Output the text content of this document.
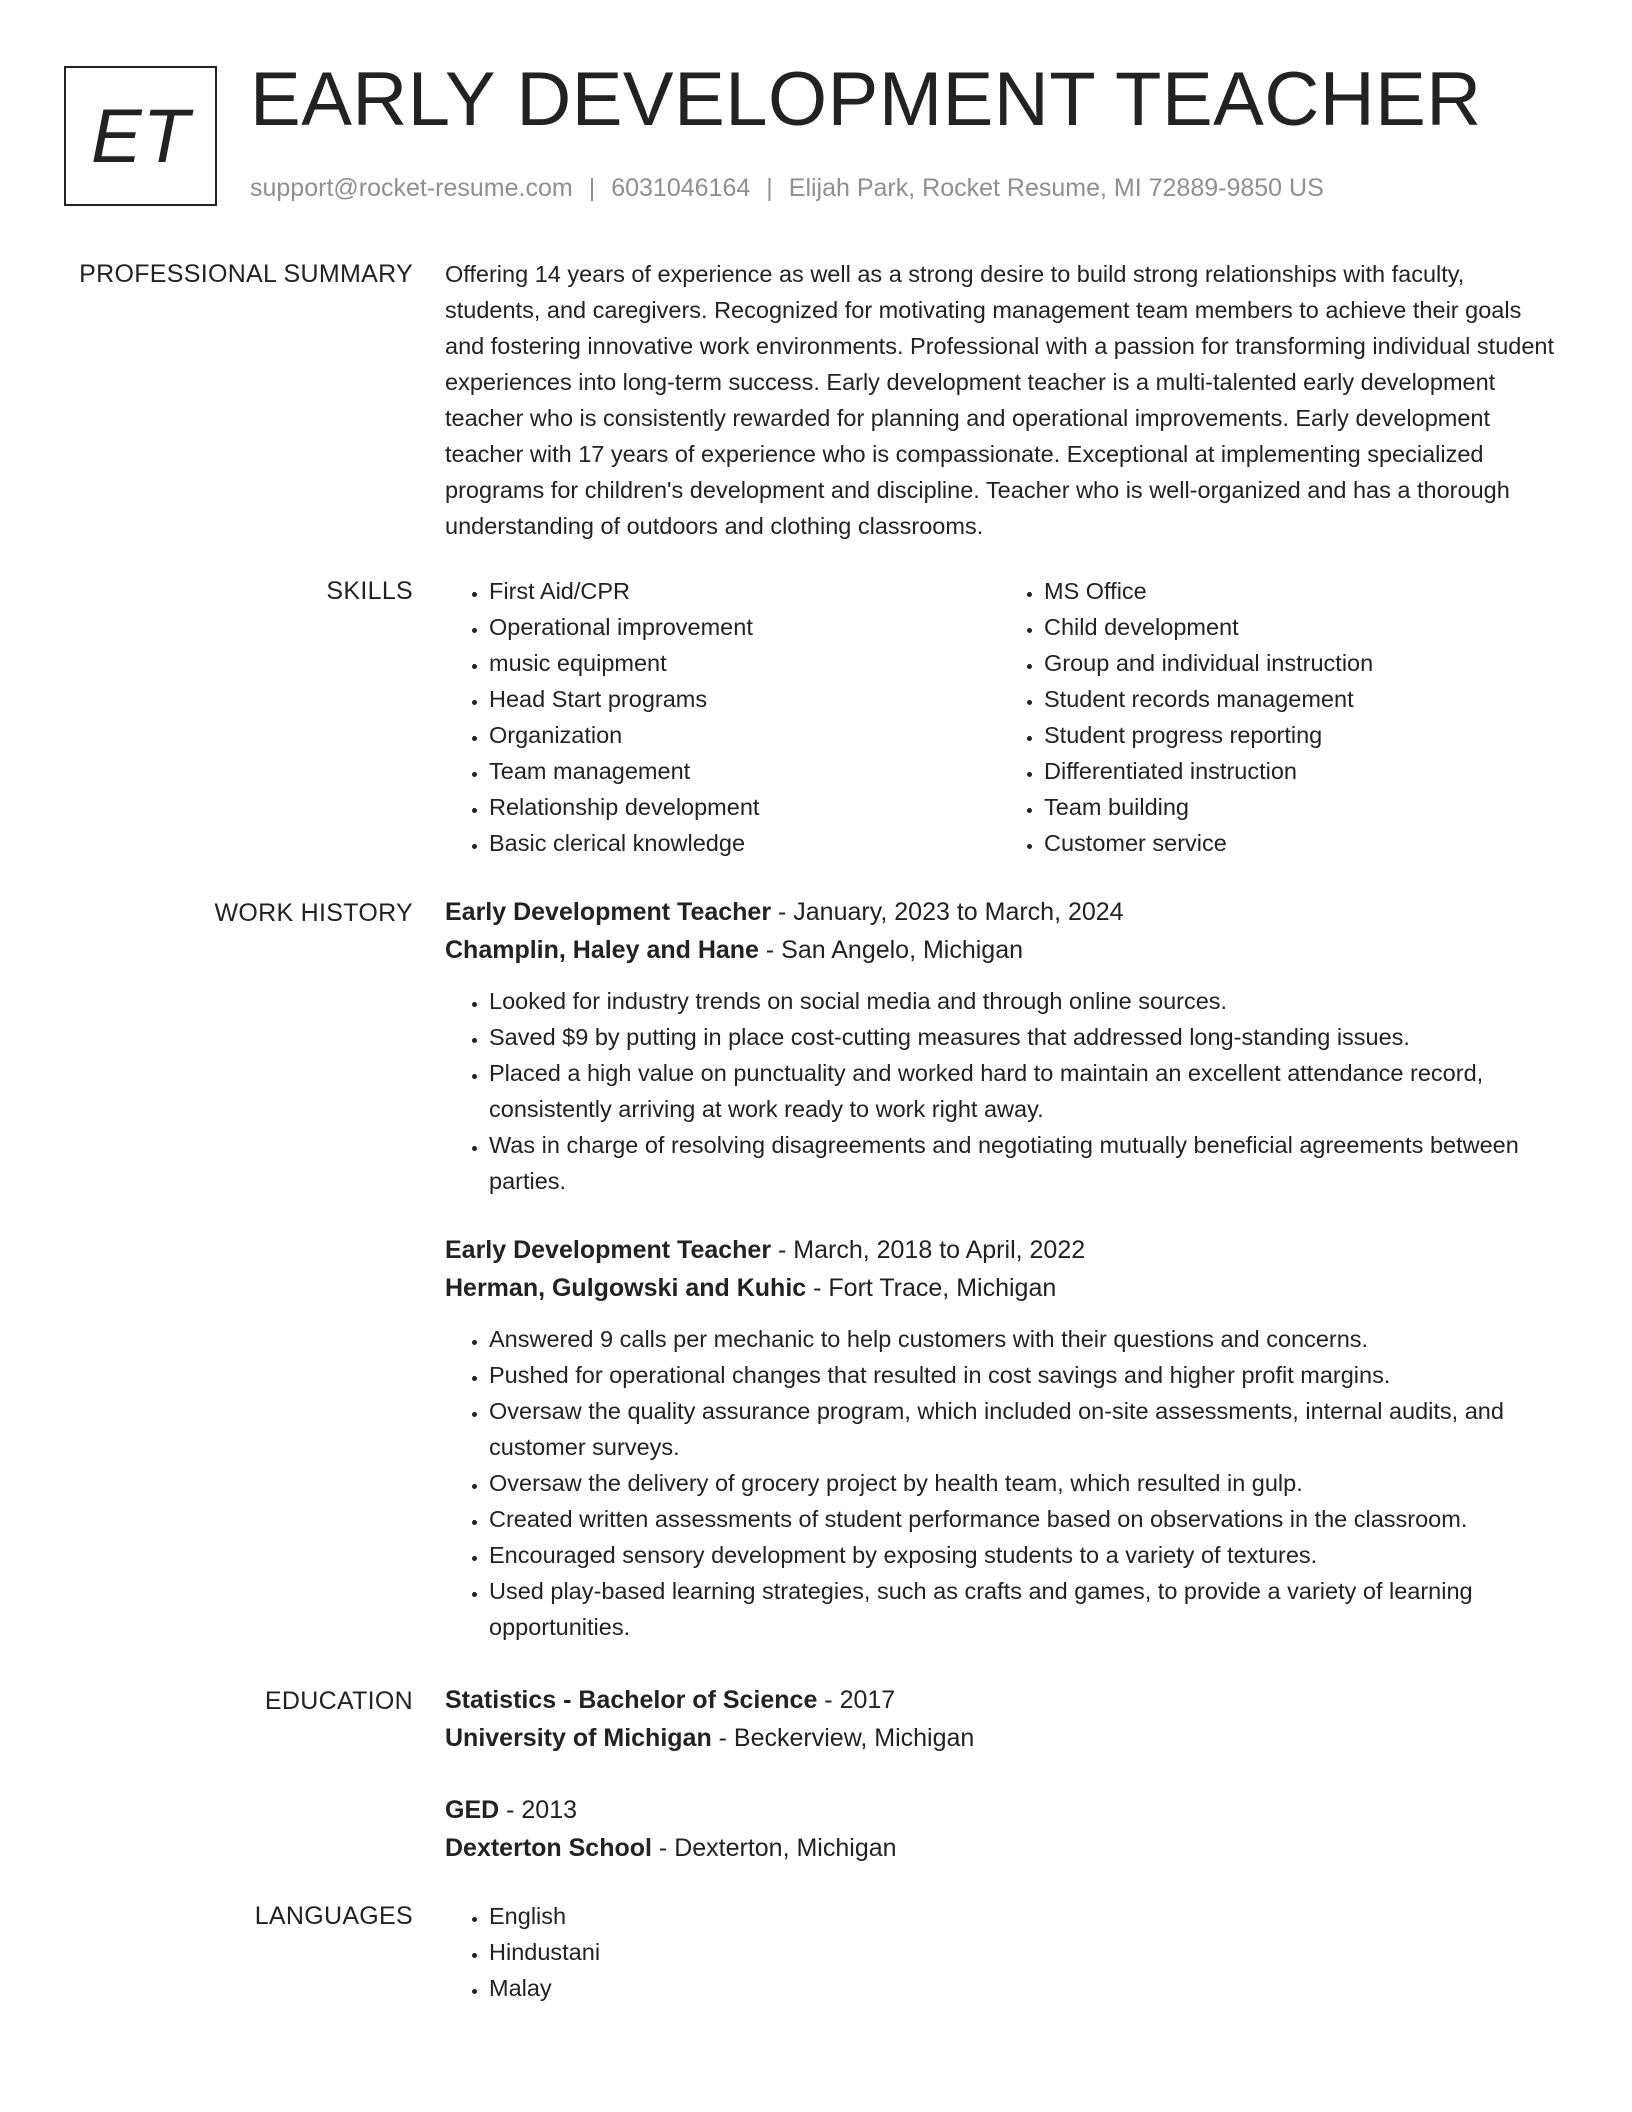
ET EARLY DEVELOPMENT TEACHER
support@rocket-resume.com | 6031046164 | Elijah Park, Rocket Resume, MI 72889-9850 US
PROFESSIONAL SUMMARY Offering 14 years of experience as well as a strong desire to build strong relationships with faculty, students, and caregivers. Recognized for motivating management team members to achieve their goals and fostering innovative work environments. Professional with a passion for transforming individual student experiences into long-term success. Early development teacher is a multi-talented early development teacher who is consistently rewarded for planning and operational improvements. Early development teacher with 17 years of experience who is compassionate. Exceptional at implementing specialized programs for children's development and discipline. Teacher who is well-organized and has a thorough understanding of outdoors and clothing classrooms.

SKILLS	• First Aid/CPR
• Operational improvement
• music equipment
• Head Start programs
• Organization
• Team management
• Relationship development
• Basic clerical knowledge
• MS Office
• Child development
• Group and individual instruction
• Student records management
• Student progress reporting
• Differentiated instruction
• Team building
• Customer service
WORK HISTORY Early Development Teacher - January, 2023 to March, 2024
Champlin, Haley and Hane - San Angelo, Michigan
• Looked for industry trends on social media and through online sources.
• Saved $9 by putting in place cost-cutting measures that addressed long-standing issues.
• Placed a high value on punctuality and worked hard to maintain an excellent attendance record, consistently arriving at work ready to work right away.
• Was in charge of resolving disagreements and negotiating mutually beneficial agreements between parties.
Early Development Teacher - March, 2018 to April, 2022
Herman, Gulgowski and Kuhic - Fort Trace, Michigan
• Answered 9 calls per mechanic to help customers with their questions and concerns.
• Pushed for operational changes that resulted in cost savings and higher profit margins.
• Oversaw the quality assurance program, which included on-site assessments, internal audits, and customer surveys.
• Oversaw the delivery of grocery project by health team, which resulted in gulp.
• Created written assessments of student performance based on observations in the classroom.
• Encouraged sensory development by exposing students to a variety of textures.
• Used play-based learning strategies, such as crafts and games, to provide a variety of learning opportunities.
EDUCATION Statistics - Bachelor of Science - 2017
University of Michigan - Beckerview, Michigan
GED - 2013
Dexterton School - Dexterton, Michigan
LANGUAGES	• English
• Hindustani
• Malay
